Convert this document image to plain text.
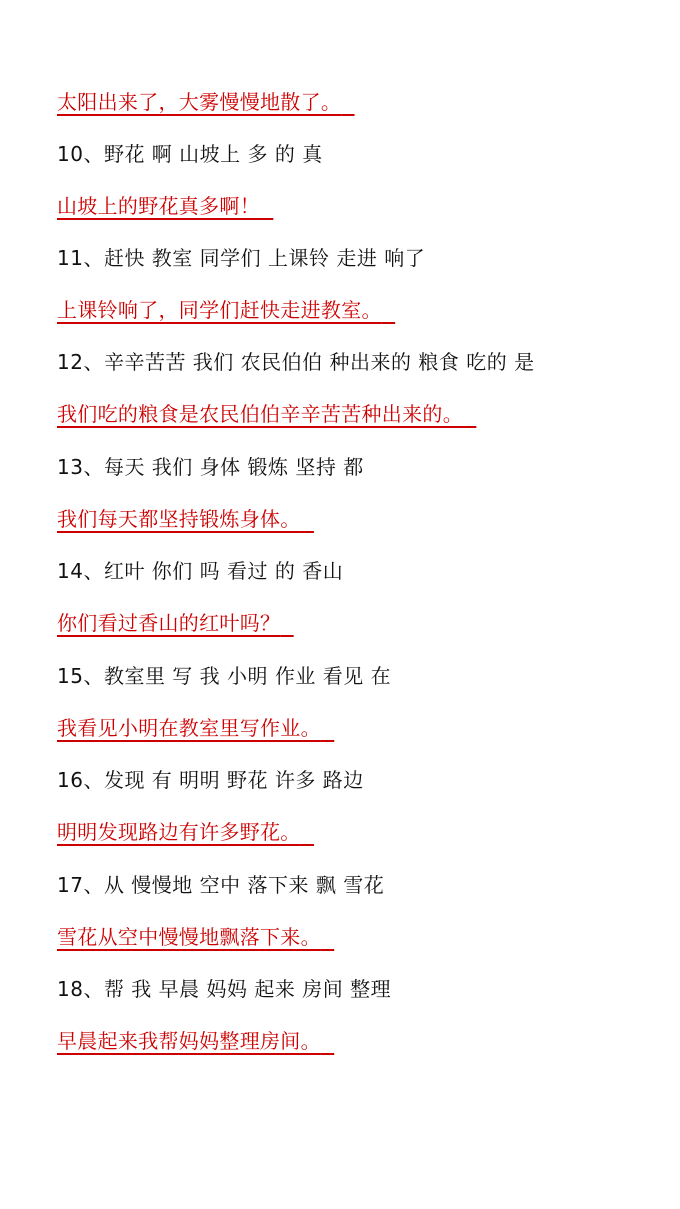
太阳出来了，大雾慢慢地散了。
10、野花 啊 山坡上 多 的 真
山坡上的野花真多啊！
11、赶快 教室 同学们 上课铃 走进 响了
上课铃响了，同学们赶快走进教室。
12、辛辛苦苦 我们 农民伯伯 种出来的 粮食 吃的 是
我们吃的粮食是农民伯伯辛辛苦苦种出来的。
13、每天 我们 身体 锻炼 坚持 都
我们每天都坚持锻炼身体。
14、红叶 你们 吗 看过 的 香山
你们看过香山的红叶吗？
15、教室里 写 我 小明 作业 看见 在
我看见小明在教室里写作业。
16、发现 有 明明 野花 许多 路边
明明发现路边有许多野花。
17、从 慢慢地 空中 落下来 飘 雪花
雪花从空中慢慢地飘落下来。
18、帮 我 早晨 妈妈 起来 房间 整理
早晨起来我帮妈妈整理房间。
